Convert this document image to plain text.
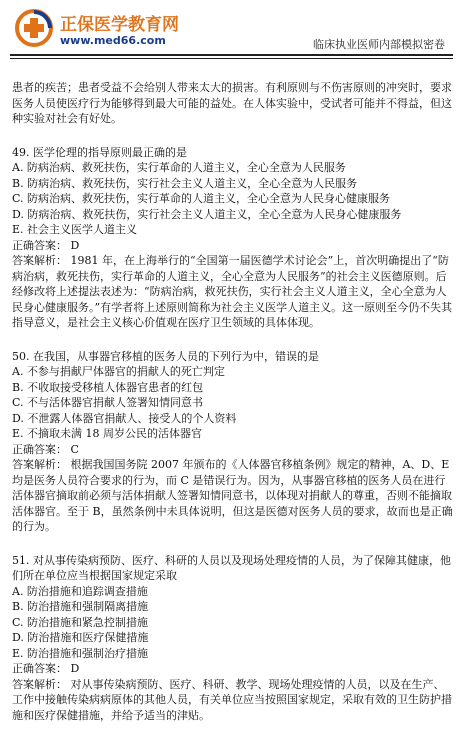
正保医学教育网
www.med66.com	临床执业医师内部模拟密卷

患者的疾苦；患者受益不会给别人带来太大的损害。有利原则与不伤害原则的冲突时，要求医务人员使医疗行为能够得到最大可能的益处。在人体实验中，受试者可能并不得益，但这种实验对社会有好处。

49. 医学伦理的指导原则最正确的是

A. 防病治病、救死扶伤，实行革命的人道主义，全心全意为人民服务

B. 防病治病、救死扶伤，实行社会主义人道主义，全心全意为人民服务

C. 防病治病、救死扶伤，实行革命的人道主义，全心全意为人民身心健康服务

D. 防病治病、救死扶伤，实行社会主义人道主义，全心全意为人民身心健康服务

E. 社会主义医学人道主义

正确答案： D

答案解析： 1981 年，在上海举行的“全国第一届医德学术讨论会”上，首次明确提出了“防病治病，救死扶伤，实行革命的人道主义，全心全意为人民服务”的社会主义医德原则。后经修改将上述提法表述为：“防病治病，救死扶伤，实行社会主义人道主义，全心全意为人民身心健康服务。”有学者将上述原则简称为社会主义医学人道主义。这一原则至今仍不失其指导意义，是社会主义核心价值观在医疗卫生领域的具体体现。

50. 在我国，从事器官移植的医务人员的下列行为中，错误的是

A. 不参与捐献尸体器官的捐献人的死亡判定

B. 不收取接受移植人体器官患者的红包

C. 不与活体器官捐献人签署知情同意书

D. 不泄露人体器官捐献人、接受人的个人资料

E. 不摘取未满 18 周岁公民的活体器官

正确答案： C

答案解析： 根据我国国务院 2007 年颁布的《人体器官移植条例》规定的精神，A、D、E 均是医务人员符合要求的行为，而 C 是错误行为。因为，从事器官移植的医务人员在进行活体器官摘取前必须与活体捐献人签署知情同意书，以体现对捐献人的尊重，否则不能摘取活体器官。至于 B，虽然条例中未具体说明，但这是医德对医务人员的要求，故而也是正确的行为。

51. 对从事传染病预防、医疗、科研的人员以及现场处理疫情的人员，为了保障其健康，他们所在单位应当根据国家规定采取

A. 防治措施和追踪调查措施

B. 防治措施和强制隔离措施

C. 防治措施和紧急控制措施

D. 防治措施和医疗保健措施

E. 防治措施和强制治疗措施

正确答案： D

答案解析： 对从事传染病预防、医疗、科研、教学、现场处理疫情的人员，以及在生产、工作中接触传染病病原体的其他人员，有关单位应当按照国家规定，采取有效的卫生防护措施和医疗保健措施，并给予适当的津贴。
